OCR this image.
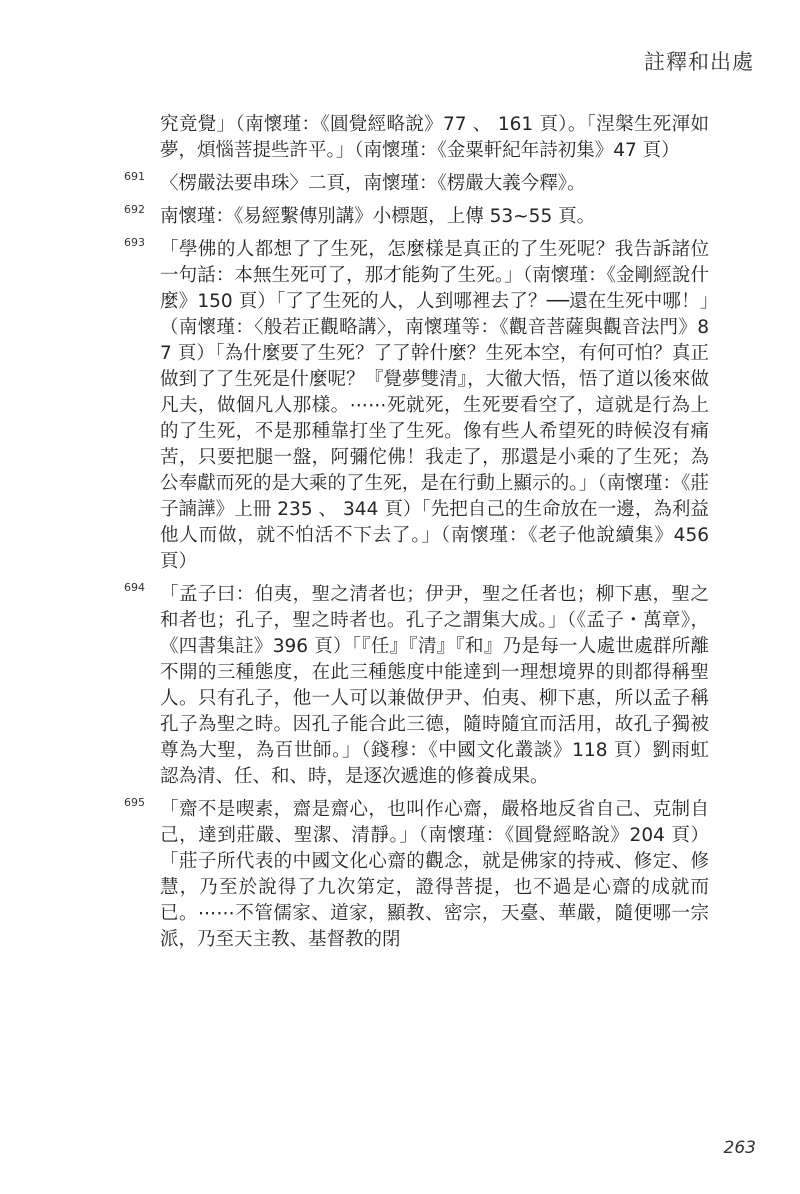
註釋和出處
究竟覺」（南懷瑾：《圓覺經略說》77 、 161 頁）。「涅槃生死渾如夢，煩惱菩提些許平。」（南懷瑾：《金粟軒紀年詩初集》47 頁）
691 〈楞嚴法要串珠〉二頁，南懷瑾：《楞嚴大義今釋》。
692 南懷瑾：《易經繫傳別講》小標題，上傳 53~55 頁。
693 「學佛的人都想了了生死，怎麼樣是真正的了生死呢？我告訴諸位一句話：本無生死可了，那才能夠了生死。」（南懷瑾：《金剛經說什麼》150 頁）「了了生死的人，人到哪裡去了？──還在生死中哪！」（南懷瑾：〈般若正觀略講〉，南懷瑾等：《觀音菩薩與觀音法門》87 頁）「為什麼要了生死？了了幹什麼？生死本空，有何可怕？真正做到了了生死是什麼呢？『覺夢雙清』，大徹大悟，悟了道以後來做凡夫，做個凡人那樣。⋯⋯死就死，生死要看空了，這就是行為上的了生死，不是那種靠打坐了生死。像有些人希望死的時候沒有痛苦，只要把腿一盤，阿彌佗佛！我走了，那還是小乘的了生死；為公奉獻而死的是大乘的了生死，是在行動上顯示的。」（南懷瑾：《莊子諵譁》上冊 235 、 344 頁）「先把自己的生命放在一邊，為利益他人而做，就不怕活不下去了。」（南懷瑾：《老子他說續集》456 頁）
694 「孟子曰：伯夷，聖之清者也；伊尹，聖之任者也；柳下惠，聖之和者也；孔子，聖之時者也。孔子之謂集大成。」（《孟子・萬章》，《四書集註》396 頁）「『任』『清』『和』乃是每一人處世處群所離不開的三種態度，在此三種態度中能達到一理想境界的則都得稱聖人。只有孔子，他一人可以兼做伊尹、伯夷、柳下惠，所以孟子稱孔子為聖之時。因孔子能合此三德，隨時隨宜而活用，故孔子獨被尊為大聖，為百世師。」（錢穆：《中國文化叢談》118 頁）劉雨虹認為清、任、和、時，是逐次遞進的修養成果。
695 「齋不是喫素，齋是齋心，也叫作心齋，嚴格地反省自己、克制自己，達到莊嚴、聖潔、清靜。」（南懷瑾：《圓覺經略說》204 頁）「莊子所代表的中國文化心齋的觀念，就是佛家的持戒、修定、修慧，乃至於說得了九次第定，證得菩提，也不過是心齋的成就而已。⋯⋯不管儒家、道家，顯教、密宗，天臺、華嚴，隨便哪一宗派，乃至天主教、基督教的閉
263
